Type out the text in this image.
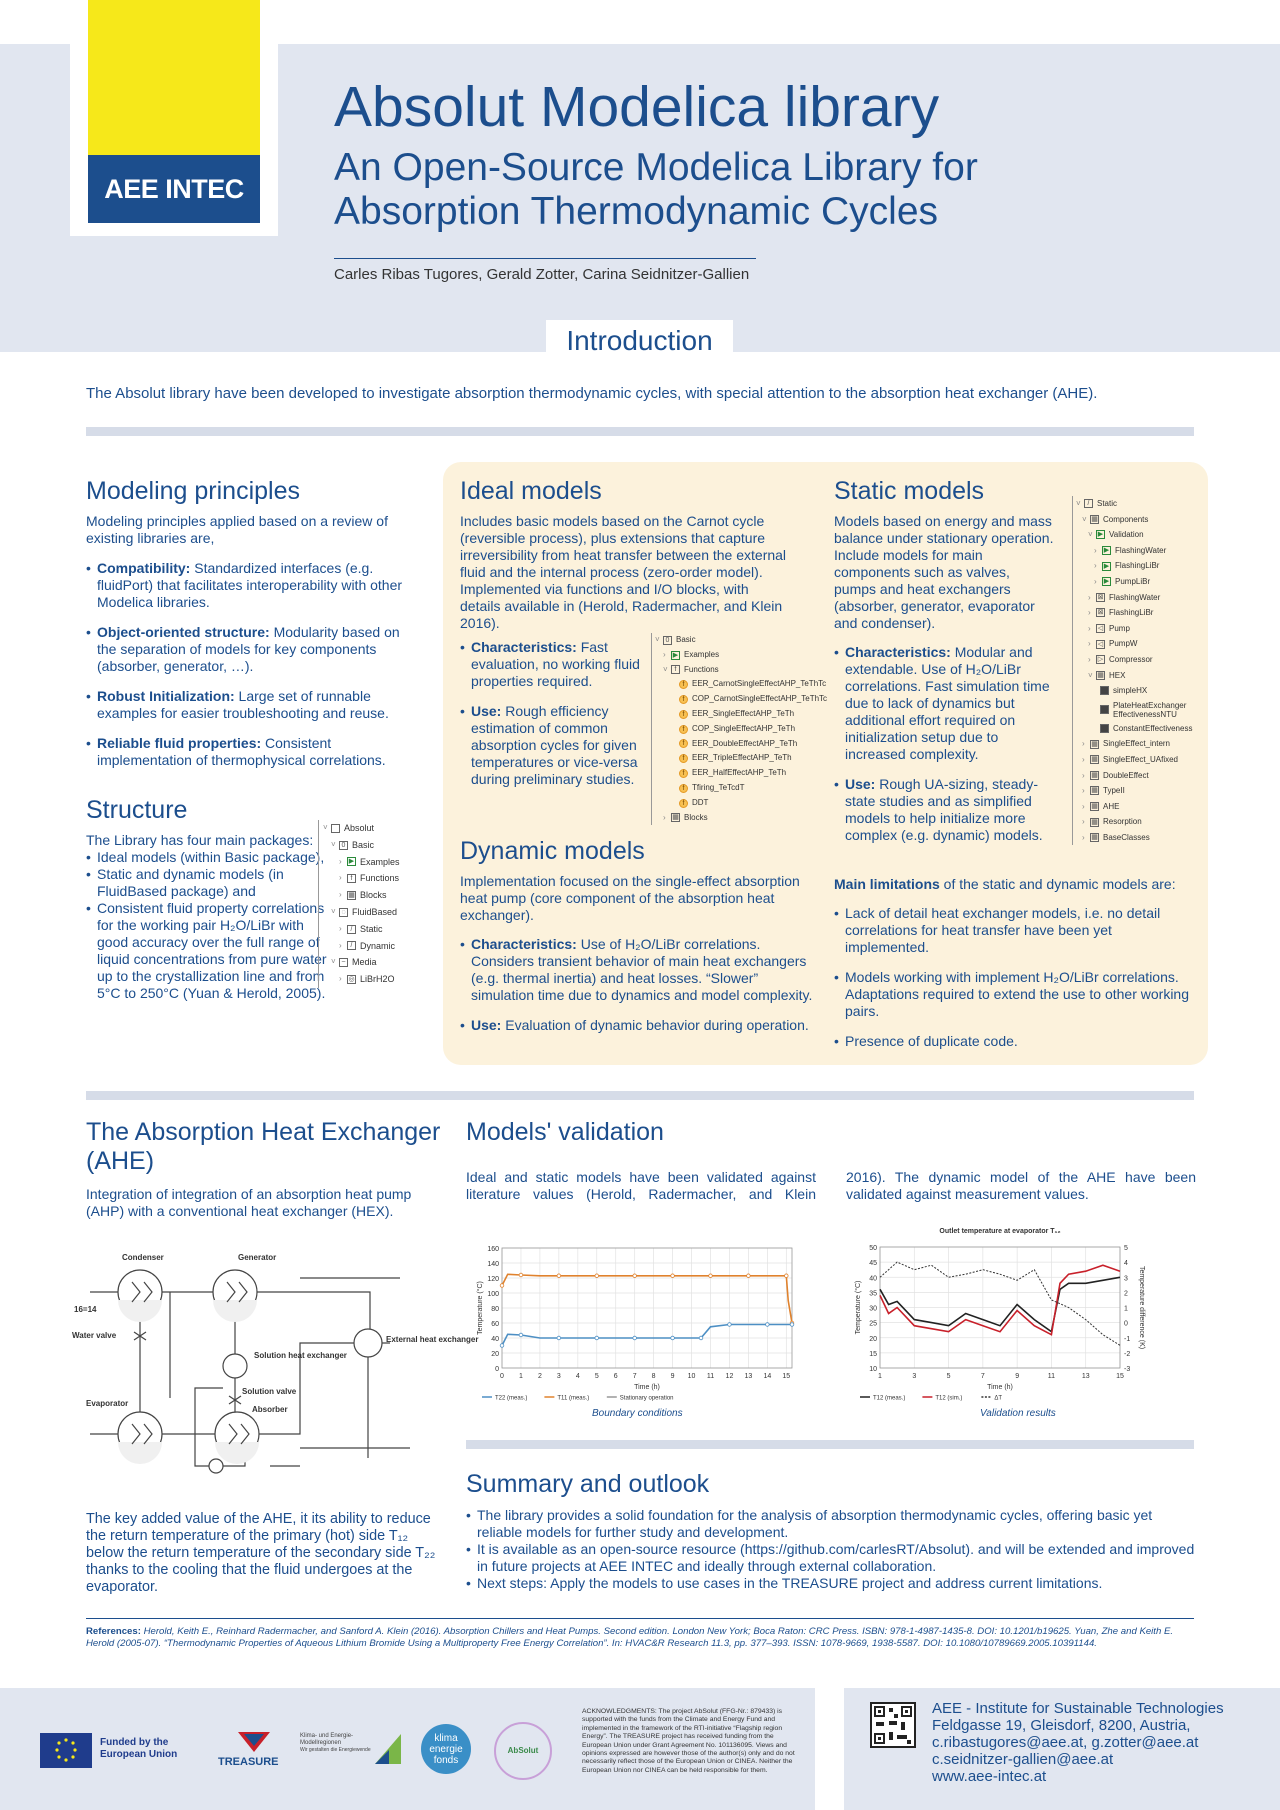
AEE INTEC
Absolut Modelica library
An Open-Source Modelica Library for Absorption Thermodynamic Cycles
Carles Ribas Tugores, Gerald Zotter, Carina Seidnitzer-Gallien
Introduction
The Absolut library have been developed to investigate absorption thermodynamic cycles, with special attention to the absorption heat exchanger (AHE).
Modeling principles
Modeling principles applied based on a review of existing libraries are,
• Compatibility: Standardized interfaces (e.g. fluidPort) that facilitates interoperability with other Modelica libraries.
• Object-oriented structure: Modularity based on the separation of models for key components (absorber, generator, …).
• Robust Initialization: Large set of runnable examples for easier troubleshooting and reuse.
• Reliable fluid properties: Consistent implementation of thermophysical correlations.
Structure
The Library has four main packages:
• Ideal models (within Basic package),
• Static and dynamic models (in FluidBased package) and
• Consistent fluid property correlations for the working pair H₂O/LiBr with good accuracy over the full range of liquid concentrations from pure water up to the crystallization line and from 5°C to 250°C (Yuan & Herold, 2005).
˅	Absolut
˅ 0 Basic
›	▶ Examples
›	f Functions
› ▦ Blocks
˅ ◌ FluidBased
›	/ Static
›	/ Dynamic
˅ ~ Media
› ◎ LiBrH2O
Ideal models
Includes basic models based on the Carnot cycle (reversible process), plus extensions that capture irreversibility from heat transfer between the external fluid and the internal process (zero-order model). Implemented via functions and I/O blocks, with details available in (Herold, Radermacher, and Klein 2016).
• Characteristics: Fast evaluation, no working fluid properties required.
• Use: Rough efficiency estimation of common absorption cycles for given temperatures or vice-versa during preliminary studies.
˅ 0 Basic
›	▶ Examples
˅ f Functions
f EER_CarnotSingleEffectAHP_TeThTc
f COP_CarnotSingleEffectAHP_TeThTc
f EER_SingleEffectAHP_TeTh
f COP_SingleEffectAHP_TeTh
f EER_DoubleEffectAHP_TeTh
f EER_TripleEffectAHP_TeTh
f EER_HalfEffectAHP_TeTh
f Tfiring_TeTcdT
f DDT
› ▦ Blocks
Dynamic models
Implementation focused on the single-effect absorption heat pump (core component of the absorption heat exchanger).
• Characteristics: Use of H₂O/LiBr correlations. Considers transient behavior of main heat exchangers (e.g. thermal inertia) and heat losses. “Slower” simulation time due to dynamics and model complexity.
• Use: Evaluation of dynamic behavior during operation.
Static models
Models based on energy and mass balance under stationary operation. Include models for main components such as valves, pumps and heat exchangers (absorber, generator, evaporator and condenser).
• Characteristics: Modular and extendable. Use of H₂O/LiBr correlations. Fast simulation time due to lack of dynamics but additional effort required on initialization setup due to increased complexity.
• Use: Rough UA-sizing, steady-state studies and as simplified models to help initialize more complex (e.g. dynamic) models.
˅ / Static
˅ ▦ Components
˅ ▶ Validation
›	▶ FlashingWater
›	▶ FlashingLiBr
›	▶ PumpLiBr
› ⊠ FlashingWater
› ⊠ FlashingLiBr
›	◁ Pump
›	◁ PumpW
›	▷ Compressor
˅ ▦ HEX
simpleHX
PlateHeatExchanger EffectivenessNTU
ConstantEffectiveness
› ▦ SingleEffect_intern
› ▦ SingleEffect_UAfixed
› ▦ DoubleEffect
› ▦ TypeII
› ▦ AHE
› ▦ Resorption
› ▦ BaseClasses
Main limitations of the static and dynamic models are:
• Lack of detail heat exchanger models, i.e. no detail correlations for heat transfer have been yet implemented.
• Models working with implement H₂O/LiBr correlations. Adaptations required to extend the use to other working pairs.
• Presence of duplicate code.
The Absorption Heat Exchanger (AHE)
Integration of integration of an absorption heat pump (AHP) with a conventional heat exchanger (HEX).
Condenser	Generator
Water valve
Solution heat exchanger
Solution valve
Evaporator
Absorber
External heat exchanger
16=14
The key added value of the AHE, it its ability to reduce the return temperature of the primary (hot) side T₁₂ below the return temperature of the secondary side T₂₂ thanks to the cooling that the fluid undergoes at the evaporator.
Models' validation
Ideal and static models have been validated against literature values (Herold, Radermacher, and Klein 2016). The dynamic model of the AHE have been validated against measurement values.
0
20
40
60
80
100
120
140
160
0 1 2 3 4 5 6 7 8 9 10 11 12 13 14 15
Time (h)
Temperature (°C)
T22 (meas.)	T11 (meas.)	Stationary operation
Boundary conditions
Outlet temperature at evaporator T₁₂
10
15
20
25
30
35
40
45
50
1	3	5	7	9	11	13	15
Time (h)
Temperature (°C)
-3
-2
-1
0
1
2
3
4
5
Temperature difference (K)
T12 (meas.)	T12 (sim.)	ΔT
Validation results
Summary and outlook
• The library provides a solid foundation for the analysis of absorption thermodynamic cycles, offering basic yet reliable models for further study and development.
• It is available as an open-source resource (https://github.com/carlesRT/Absolut). and will be extended and improved in future projects at AEE INTEC and ideally through external collaboration.
• Next steps: Apply the models to use cases in the TREASURE project and address current limitations.
References: Herold, Keith E., Reinhard Radermacher, and Sanford A. Klein (2016). Absorption Chillers and Heat Pumps. Second edition. London New York; Boca Raton: CRC Press. ISBN: 978-1-4987-1435-8. DOI: 10.1201/b19625. Yuan, Zhe and Keith E. Herold (2005-07). “Thermodynamic Properties of Aqueous Lithium Bromide Using a Multiproperty Free Energy Correlation”. In: HVAC&R Research 11.3, pp. 377–393. ISSN: 1078-9669, 1938-5587. DOI: 10.1080/10789669.2005.10391144.
Funded by the European Union
TREASURE
Klima- und Energie-Modellregionen
Wir gestalten die Energiewende
klima energie fonds
AbSolut
ACKNOWLEDGMENTS: The project AbSolut (FFG-Nr.: 879433) is supported with the funds from the Climate and Energy Fund and implemented in the framework of the RTI-initiative “Flagship region Energy”. The TREASURE project has received funding from the European Union under Grant Agreement No. 101136095. Views and opinions expressed are however those of the author(s) only and do not necessarily reflect those of the European Union or CINEA. Neither the European Union nor CINEA can be held responsible for them.
AEE - Institute for Sustainable Technologies
Feldgasse 19, Gleisdorf, 8200, Austria,
c.ribastugores@aee.at, g.zotter@aee.at
c.seidnitzer-gallien@aee.at
www.aee-intec.at
